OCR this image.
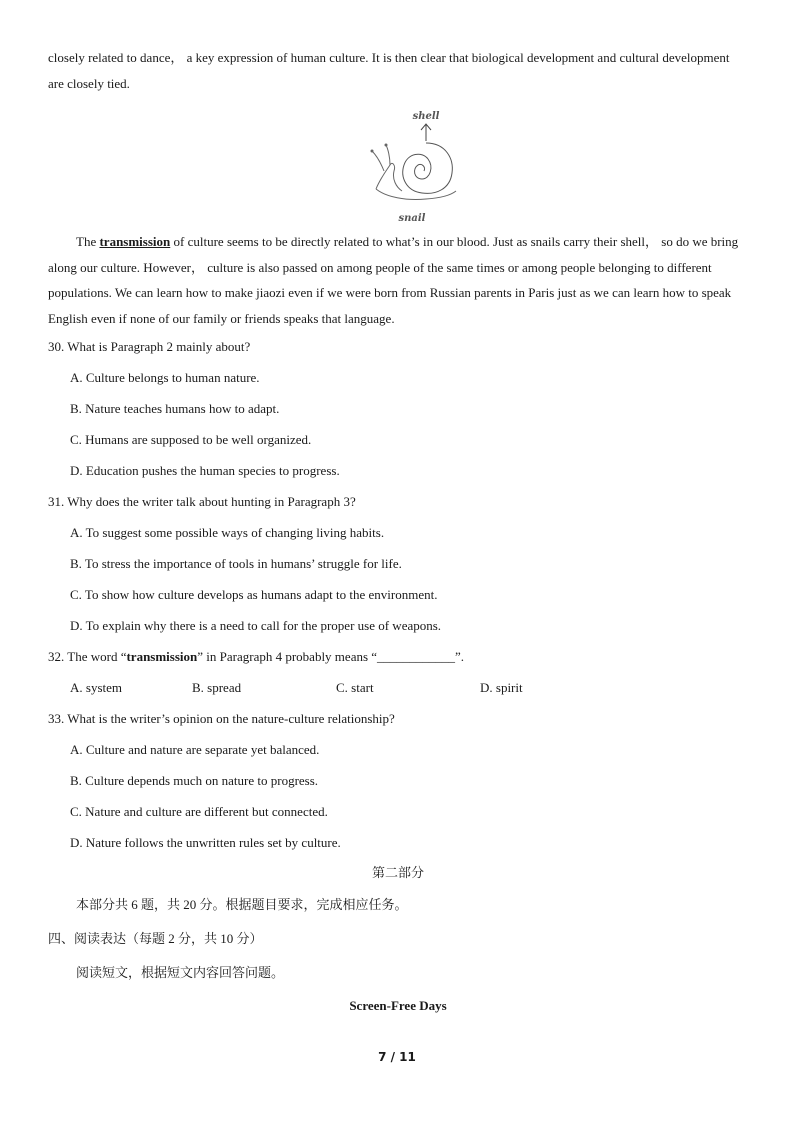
closely related to dance， a key expression of human culture. It is then clear that biological development and cultural development are closely tied.

shell
snail

The transmission of culture seems to be directly related to what’s in our blood. Just as snails carry their shell， so do we bring along our culture. However， culture is also passed on among people of the same times or among people belonging to different populations. We can learn how to make jiaozi even if we were born from Russian parents in Paris just as we can learn how to speak English even if none of our family or friends speaks that language.

30. What is Paragraph 2 mainly about?

A. Culture belongs to human nature.

B. Nature teaches humans how to adapt.

C. Humans are supposed to be well organized.

D. Education pushes the human species to progress.

31. Why does the writer talk about hunting in Paragraph 3?

A. To suggest some possible ways of changing living habits.

B. To stress the importance of tools in humans’ struggle for life.

C. To show how culture develops as humans adapt to the environment.

D. To explain why there is a need to call for the proper use of weapons.

32. The word “transmission” in Paragraph 4 probably means “____________”.

A. system	B. spread	C. start	D. spirit

33. What is the writer’s opinion on the nature-culture relationship?

A. Culture and nature are separate yet balanced.

B. Culture depends much on nature to progress.

C. Nature and culture are different but connected.

D. Nature follows the unwritten rules set by culture.

第二部分

本部分共 6 题，共 20 分。根据题目要求，完成相应任务。

四、阅读表达（每题 2 分，共 10 分）

阅读短文，根据短文内容回答问题。

Screen-Free Days

7 / 11
